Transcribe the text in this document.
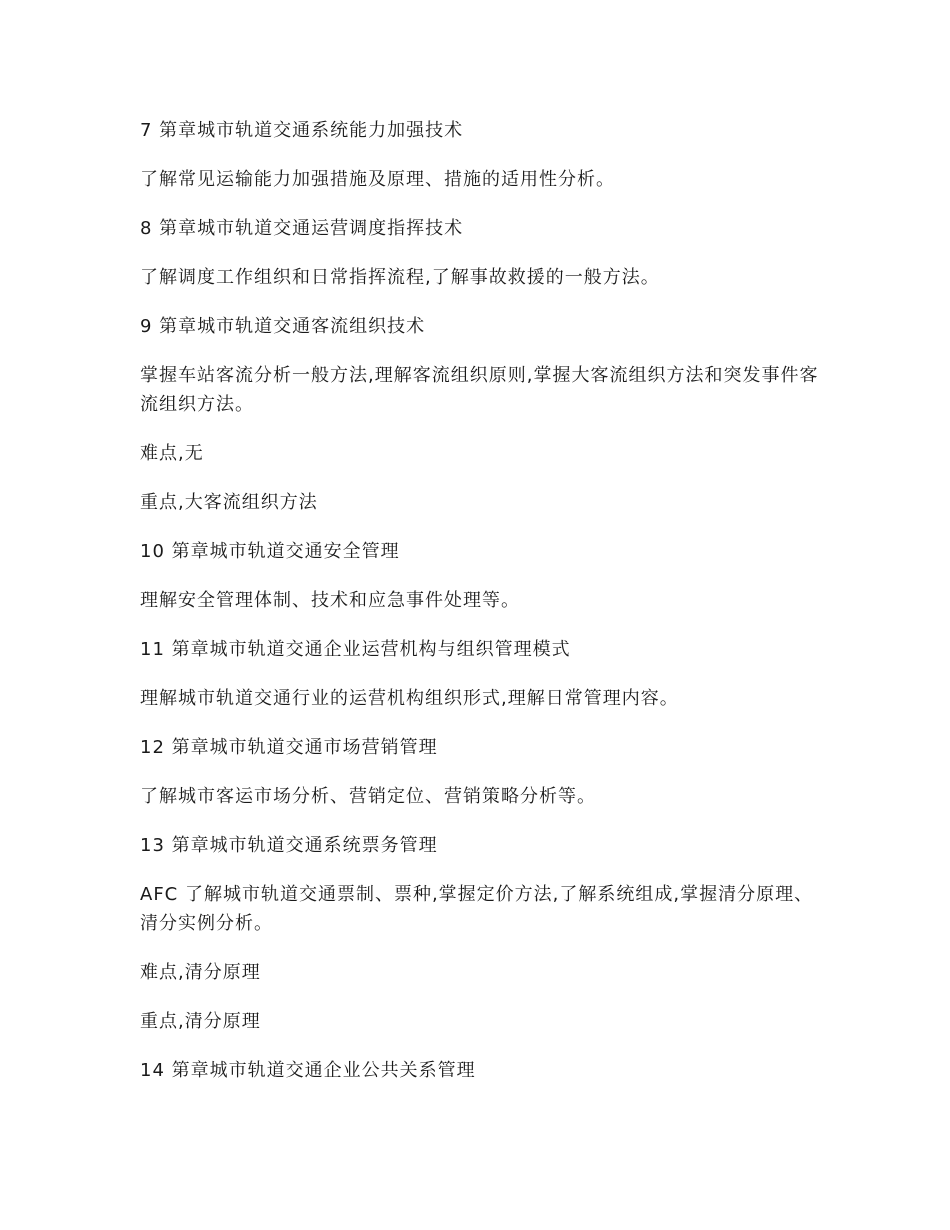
7 第章城市轨道交通系统能力加强技术

了解常见运输能力加强措施及原理、措施的适用性分析。

8 第章城市轨道交通运营调度指挥技术

了解调度工作组织和日常指挥流程,了解事故救援的一般方法。

9 第章城市轨道交通客流组织技术

掌握车站客流分析一般方法,理解客流组织原则,掌握大客流组织方法和突发事件客流组织方法。

难点,无

重点,大客流组织方法

10 第章城市轨道交通安全管理

理解安全管理体制、技术和应急事件处理等。

11 第章城市轨道交通企业运营机构与组织管理模式

理解城市轨道交通行业的运营机构组织形式,理解日常管理内容。

12 第章城市轨道交通市场营销管理

了解城市客运市场分析、营销定位、营销策略分析等。

13 第章城市轨道交通系统票务管理

AFC 了解城市轨道交通票制、票种,掌握定价方法,了解系统组成,掌握清分原理、清分实例分析。

难点,清分原理

重点,清分原理

14 第章城市轨道交通企业公共关系管理
